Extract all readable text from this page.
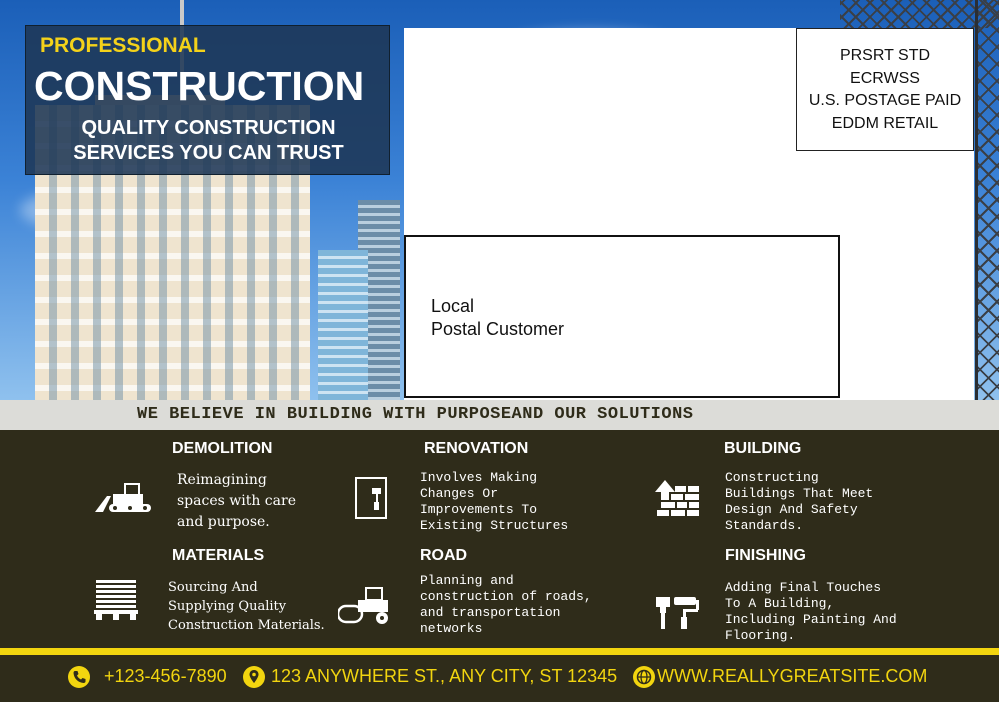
PROFESSIONAL
CONSTRUCTION
QUALITY CONSTRUCTION
SERVICES YOU CAN TRUST
PRSRT STD
ECRWSS
U.S. POSTAGE PAID
EDDM RETAIL
Local
Postal Customer
WE BELIEVE IN BUILDING WITH PURPOSEAND OUR SOLUTIONS
DEMOLITION
Reimagining
spaces with care
and purpose.
RENOVATION
Involves Making
Changes Or
Improvements To
Existing Structures
BUILDING
Constructing
Buildings That Meet
Design And Safety
Standards.
MATERIALS
Sourcing And
Supplying Quality
Construction Materials.
ROAD
Planning and
construction of roads,
and transportation
networks
FINISHING
Adding Final Touches
To A Building,
Including Painting And
Flooring.
+123-456-7890 123 ANYWHERE ST., ANY CITY, ST 12345 WWW.REALLYGREATSITE.COM
